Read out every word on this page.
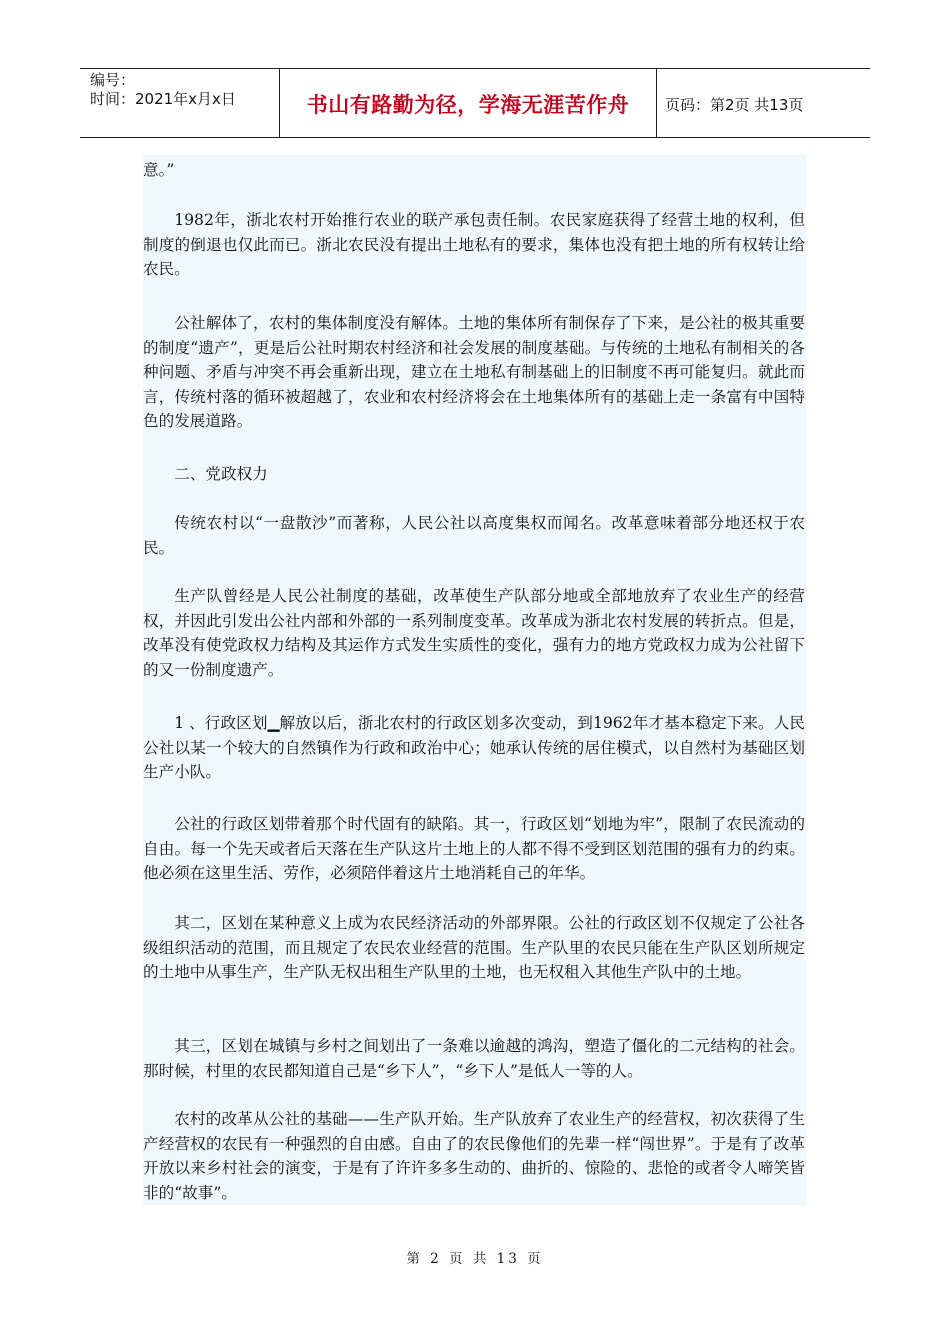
编号：
时间：2021年x月x日	书山有路勤为径，学海无涯苦作舟	页码：第2页 共13页

意。”

1982年，浙北农村开始推行农业的联产承包责任制。农民家庭获得了经营土地的权利，但制度的倒退也仅此而已。浙北农民没有提出土地私有的要求，集体也没有把土地的所有权转让给农民。

公社解体了，农村的集体制度没有解体。土地的集体所有制保存了下来，是公社的极其重要的制度“遗产”，更是后公社时期农村经济和社会发展的制度基础。与传统的土地私有制相关的各种问题、矛盾与冲突不再会重新出现，建立在土地私有制基础上的旧制度不再可能复归。就此而言，传统村落的循环被超越了，农业和农村经济将会在土地集体所有的基础上走一条富有中国特色的发展道路。

二、党政权力

传统农村以“一盘散沙”而著称，人民公社以高度集权而闻名。改革意味着部分地还权于农民。

生产队曾经是人民公社制度的基础，改革使生产队部分地或全部地放弃了农业生产的经营权，并因此引发出公社内部和外部的一系列制度变革。改革成为浙北农村发展的转折点。但是，改革没有使党政权力结构及其运作方式发生实质性的变化，强有力的地方党政权力成为公社留下的又一份制度遗产。

1 、行政区划▁解放以后，浙北农村的行政区划多次变动，到1962年才基本稳定下来。人民公社以某一个较大的自然镇作为行政和政治中心；她承认传统的居住模式，以自然村为基础区划生产小队。

公社的行政区划带着那个时代固有的缺陷。其一，行政区划“划地为牢”，限制了农民流动的自由。每一个先天或者后天落在生产队这片土地上的人都不得不受到区划范围的强有力的约束。他必须在这里生活、劳作，必须陪伴着这片土地消耗自己的年华。

其二，区划在某种意义上成为农民经济活动的外部界限。公社的行政区划不仅规定了公社各级组织活动的范围，而且规定了农民农业经营的范围。生产队里的农民只能在生产队区划所规定的土地中从事生产，生产队无权出租生产队里的土地，也无权租入其他生产队中的土地。

其三，区划在城镇与乡村之间划出了一条难以逾越的鸿沟，塑造了僵化的二元结构的社会。那时候，村里的农民都知道自己是“乡下人”，“乡下人”是低人一等的人。

农村的改革从公社的基础——生产队开始。生产队放弃了农业生产的经营权，初次获得了生产经营权的农民有一种强烈的自由感。自由了的农民像他们的先辈一样“闯世界”。于是有了改革开放以来乡村社会的演变，于是有了许许多多生动的、曲折的、惊险的、悲怆的或者令人啼笑皆非的“故事”。

第 2 页 共 13 页
